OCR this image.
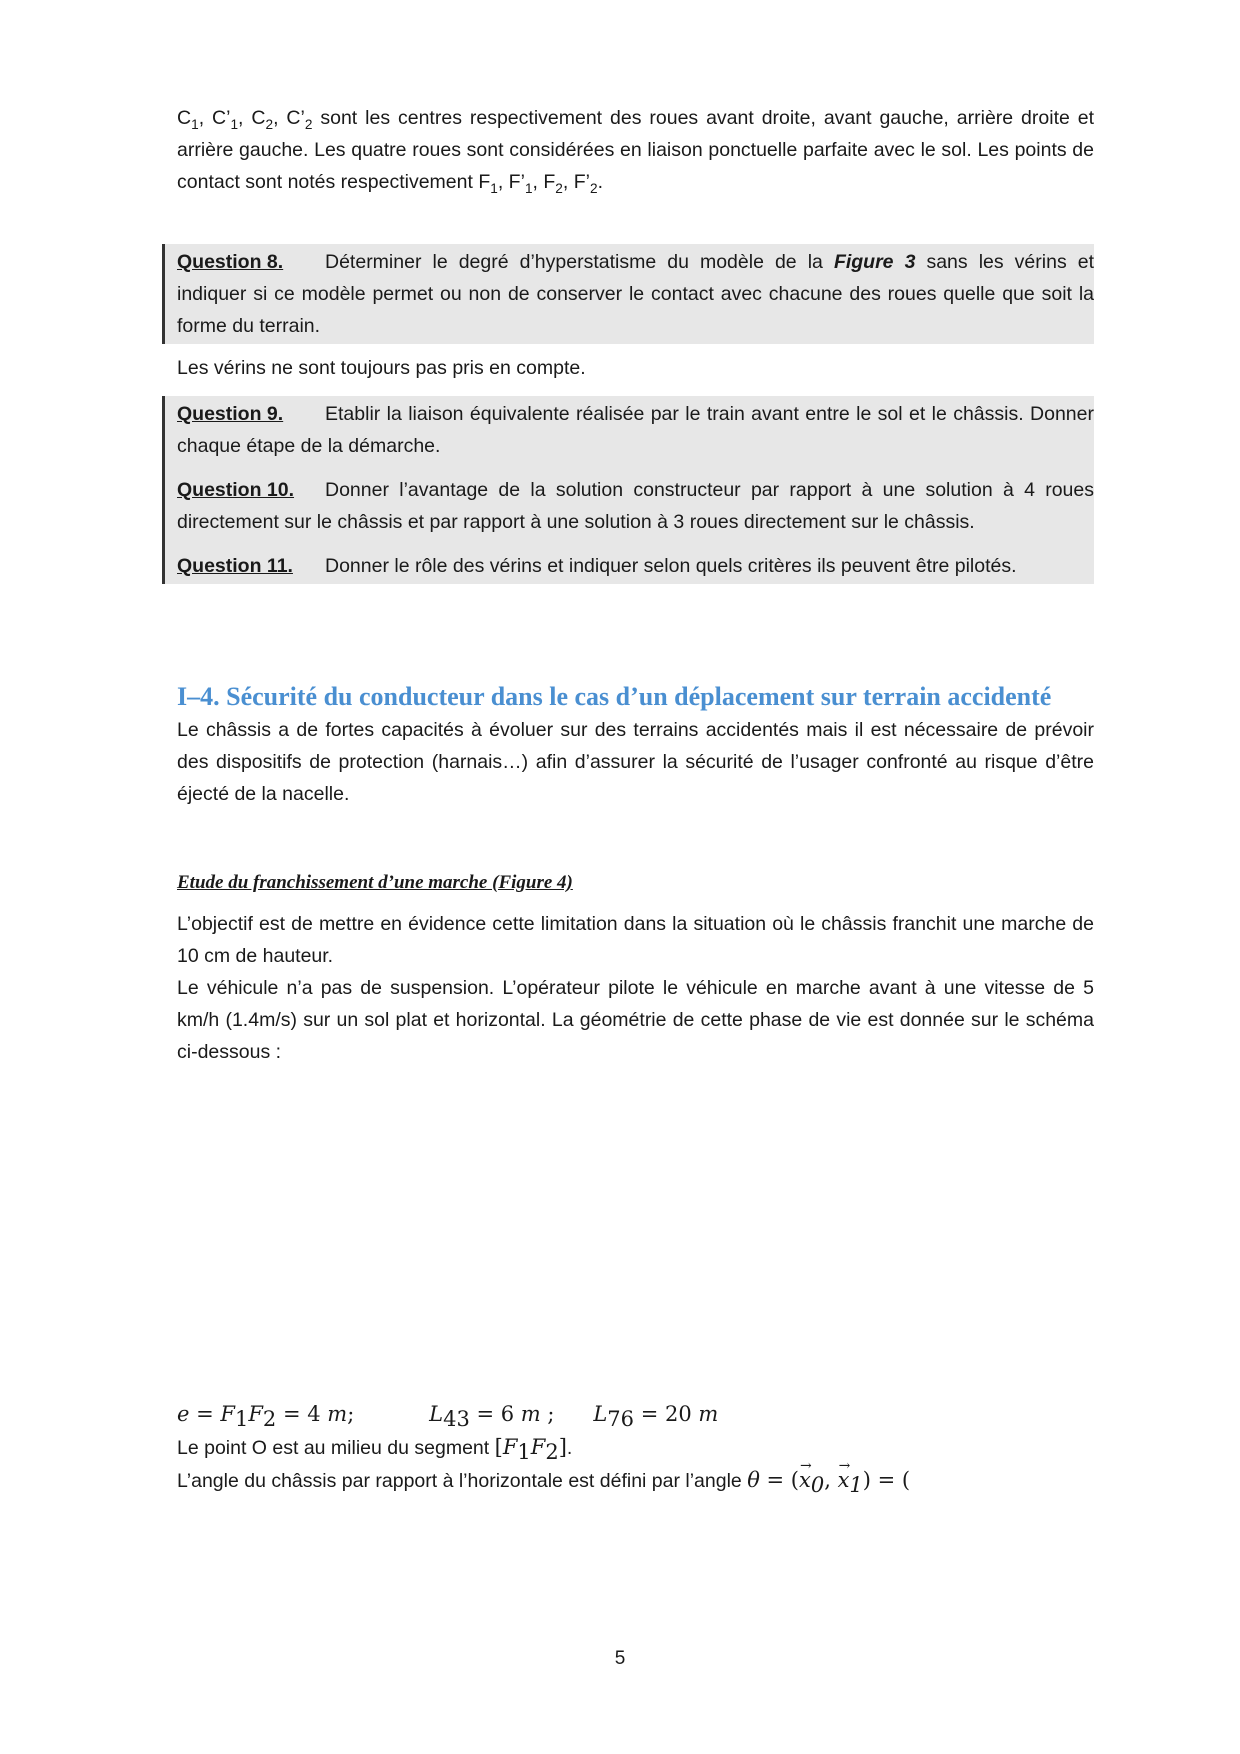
$C_1$, $C’_1$, $C_2$, $C’_2$ sont les centres respectivement des roues avant droite, avant gauche, arrière droite et arrière gauche. Les quatre roues sont considérées en liaison ponctuelle parfaite avec le sol. Les points de contact sont notés respectivement $F_1$, $F’_1$, $F_2$, $F’_2$.

Question 8. Déterminer le degré d’hyperstatisme du modèle de la Figure 3 sans les vérins et indiquer si ce modèle permet ou non de conserver le contact avec chacune des roues quelle que soit la forme du terrain.

Les vérins ne sont toujours pas pris en compte.

Question 9. Etablir la liaison équivalente réalisée par le train avant entre le sol et le châssis. Donner chaque étape de la démarche.

Question 10. Donner l’avantage de la solution constructeur par rapport à une solution à 4 roues directement sur le châssis et par rapport à une solution à 3 roues directement sur le châssis.

Question 11. Donner le rôle des vérins et indiquer selon quels critères ils peuvent être pilotés.

I–4. Sécurité du conducteur dans le cas d’un déplacement sur terrain accidenté

Le châssis a de fortes capacités à évoluer sur des terrains accidentés mais il est nécessaire de prévoir des dispositifs de protection (harnais…) afin d’assurer la sécurité de l’usager confronté au risque d’être éjecté de la nacelle.

Etude du franchissement d’une marche (Figure 4)

L’objectif est de mettre en évidence cette limitation dans la situation où le châssis franchit une marche de 10 cm de hauteur.

Le véhicule n’a pas de suspension. L’opérateur pilote le véhicule en marche avant à une vitesse de 5 km/h (1.4m/s) sur un sol plat et horizontal. La géométrie de cette phase de vie est donnée sur le schéma ci-dessous :

$e = F_1F_2 = 4$ m;	$L_{43} = 6$ m ; $L_{76} = 20$ m

Le point O est au milieu du segment $[F_1F_2]$.

L’angle du châssis par rapport à l’horizontale est défini par l’angle θ = (→ $x_0$, → $x_1$) = (

5
